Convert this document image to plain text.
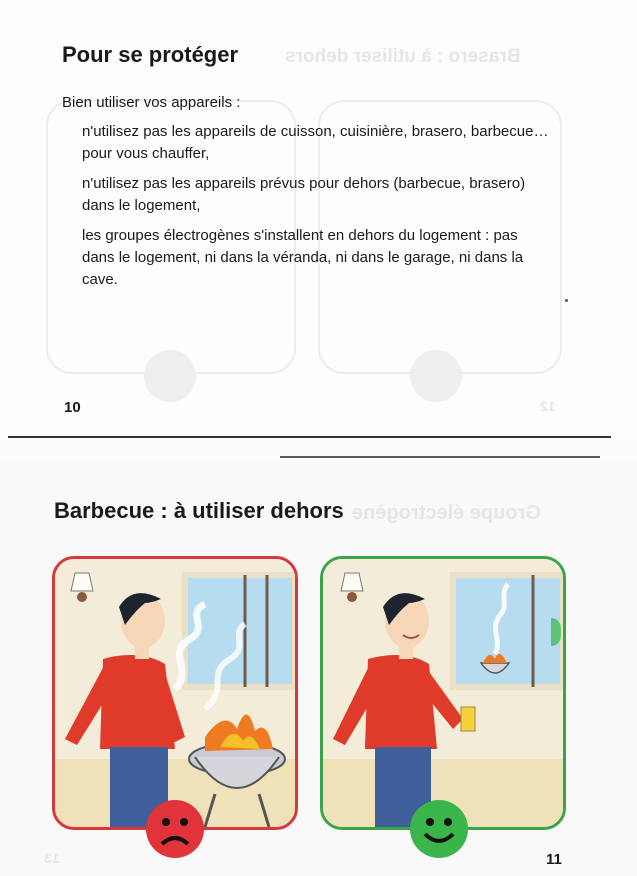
Brasero : à utiliser dehors
12
Pour se protéger

Bien utiliser vos appareils :

n'utilisez pas les appareils de cuisson, cuisinière, brasero, barbecue… pour vous chauffer,
n'utilisez pas les appareils prévus pour dehors (barbecue, brasero) dans le logement,
les groupes électrogènes s'installent en dehors du logement : pas dans le logement, ni dans la véranda, ni dans le garage, ni dans la cave.
10
Groupe électrogène
13
Barbecue : à utiliser dehors
11
